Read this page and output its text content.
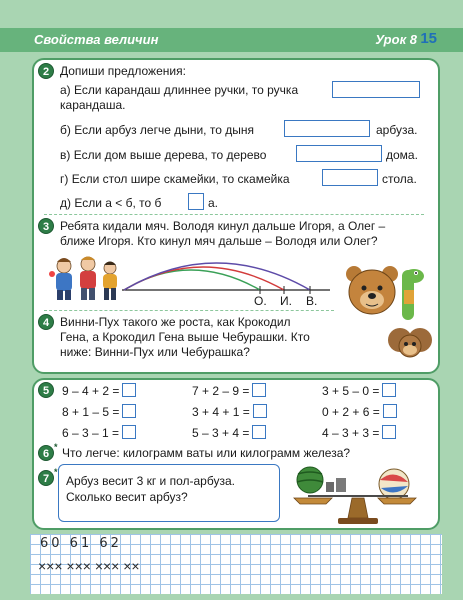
Свойства величин	Урок 8 15
2 Допиши предложения:
а) Если карандаш длиннее ручки, то ручка
карандаша.
б) Если арбуз легче дыни, то дыня	арбуза.
в) Если дом выше дерева, то дерево	дома.
г) Если стол шире скамейки, то скамейка	стола.
д) Если а < б, то б	а.
3 Ребята кидали мяч. Володя кинул дальше Игоря, а Олег –
ближе Игоря. Кто кинул мяч дальше – Володя или Олег?
О. И. В.
4 Винни-Пух такого же роста, как Крокодил
Гена, а Крокодил Гена выше Чебурашки. Кто
ниже: Винни-Пух или Чебурашка?
5	9 – 4 + 2 =	7 + 2 – 9 =	3 + 5 – 0 =
8 + 1 – 5 =	3 + 4 + 1 =	0 + 2 + 6 =
6 – 3 – 1 =	5 – 3 + 4 =	4 – 3 + 3 =
6
* Что легче: килограмм ваты или килограмм железа?
7
*
Арбуз весит 3 кг и пол-арбуза.
Сколько весит арбуз?
60 61 62
××× ××× ××× ××
